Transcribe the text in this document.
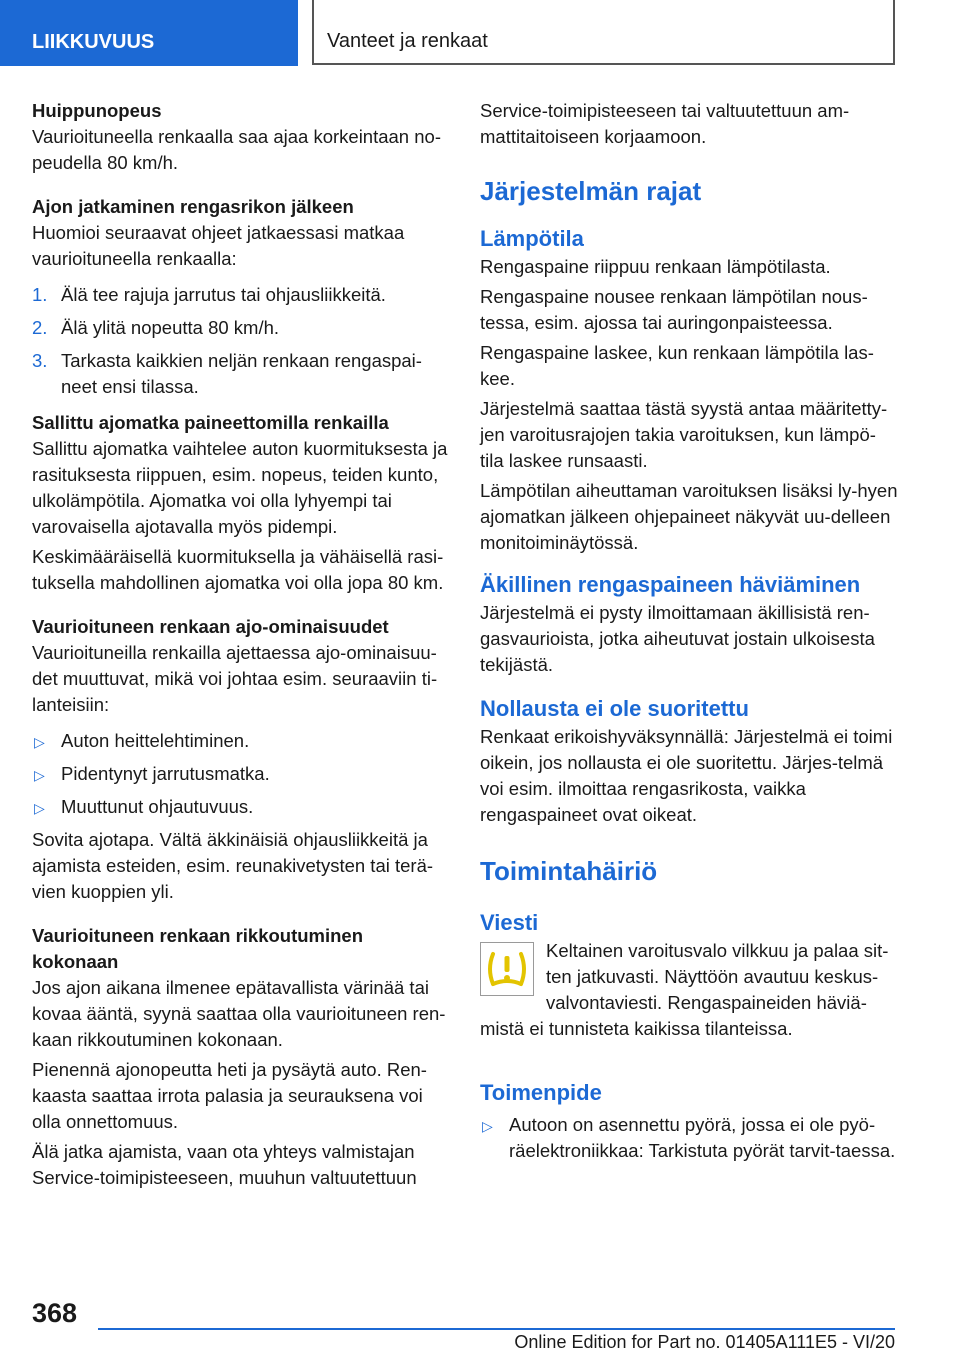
LIIKKUVUUS	Vanteet ja renkaat
Huippunopeus

Vaurioituneella renkaalla saa ajaa korkeintaan no-peudella 80 km/h.

Ajon jatkaminen rengasrikon jälkeen

Huomioi seuraavat ohjeet jatkaessasi matkaa vaurioituneella renkaalla:

1. Älä tee rajuja jarrutus tai ohjausliikkeitä.
2. Älä ylitä nopeutta 80 km/h.
3. Tarkasta kaikkien neljän renkaan rengaspai-neet ensi tilassa.
Sallittu ajomatka paineettomilla renkailla

Sallittu ajomatka vaihtelee auton kuormituksesta ja rasituksesta riippuen, esim. nopeus, teiden kunto, ulkolämpötila. Ajomatka voi olla lyhyempi tai varovaisella ajotavalla myös pidempi.

Keskimääräisellä kuormituksella ja vähäisellä rasi-tuksella mahdollinen ajomatka voi olla jopa 80 km.

Vaurioituneen renkaan ajo-ominaisuudet

Vaurioituneilla renkailla ajettaessa ajo-ominaisuu-det muuttuvat, mikä voi johtaa esim. seuraaviin ti-lanteisiin:

▷ Auton heittelehtiminen.
▷ Pidentynyt jarrutusmatka.
▷ Muuttunut ohjautuvuus.

Sovita ajotapa. Vältä äkkinäisiä ohjausliikkeitä ja ajamista esteiden, esim. reunakivetysten tai terä-vien kuoppien yli.

Vaurioituneen renkaan rikkoutuminen kokonaan

Jos ajon aikana ilmenee epätavallista värinää tai kovaa ääntä, syynä saattaa olla vaurioituneen ren-kaan rikkoutuminen kokonaan.

Pienennä ajonopeutta heti ja pysäytä auto. Ren-kaasta saattaa irrota palasia ja seurauksena voi olla onnettomuus.

Älä jatka ajamista, vaan ota yhteys valmistajan Service-toimipisteeseen, muuhun valtuutettuun

Service-toimipisteeseen tai valtuutettuun am-mattitaitoiseen korjaamoon.

Järjestelmän rajat
Lämpötila

Rengaspaine riippuu renkaan lämpötilasta.

Rengaspaine nousee renkaan lämpötilan nous-tessa, esim. ajossa tai auringonpaisteessa.

Rengaspaine laskee, kun renkaan lämpötila las-kee.

Järjestelmä saattaa tästä syystä antaa määritetty-jen varoitusrajojen takia varoituksen, kun lämpö-tila laskee runsaasti.

Lämpötilan aiheuttaman varoituksen lisäksi ly-hyen ajomatkan jälkeen ohjepaineet näkyvät uu-delleen monitoiminäytössä.

Äkillinen rengaspaineen häviäminen

Järjestelmä ei pysty ilmoittamaan äkillisistä ren-gasvaurioista, jotka aiheutuvat jostain ulkoisesta tekijästä.

Nollausta ei ole suoritettu

Renkaat erikoishyväksynnällä: Järjestelmä ei toimi oikein, jos nollausta ei ole suoritettu. Järjes-telmä voi esim. ilmoittaa rengasrikosta, vaikka rengaspaineet ovat oikeat.

Toimintahäiriö
Viesti

Keltainen varoitusvalo vilkkuu ja palaa sit-ten jatkuvasti. Näyttöön avautuu keskus-valvontaviesti. Rengaspaineiden häviä-mistä ei tunnisteta kaikissa tilanteissa.

Toimenpide
▷ Autoon on asennettu pyörä, jossa ei ole pyö-räelektroniikkaa: Tarkistuta pyörät tarvit-taessa.
368
Online Edition for Part no. 01405A111E5 - VI/20
